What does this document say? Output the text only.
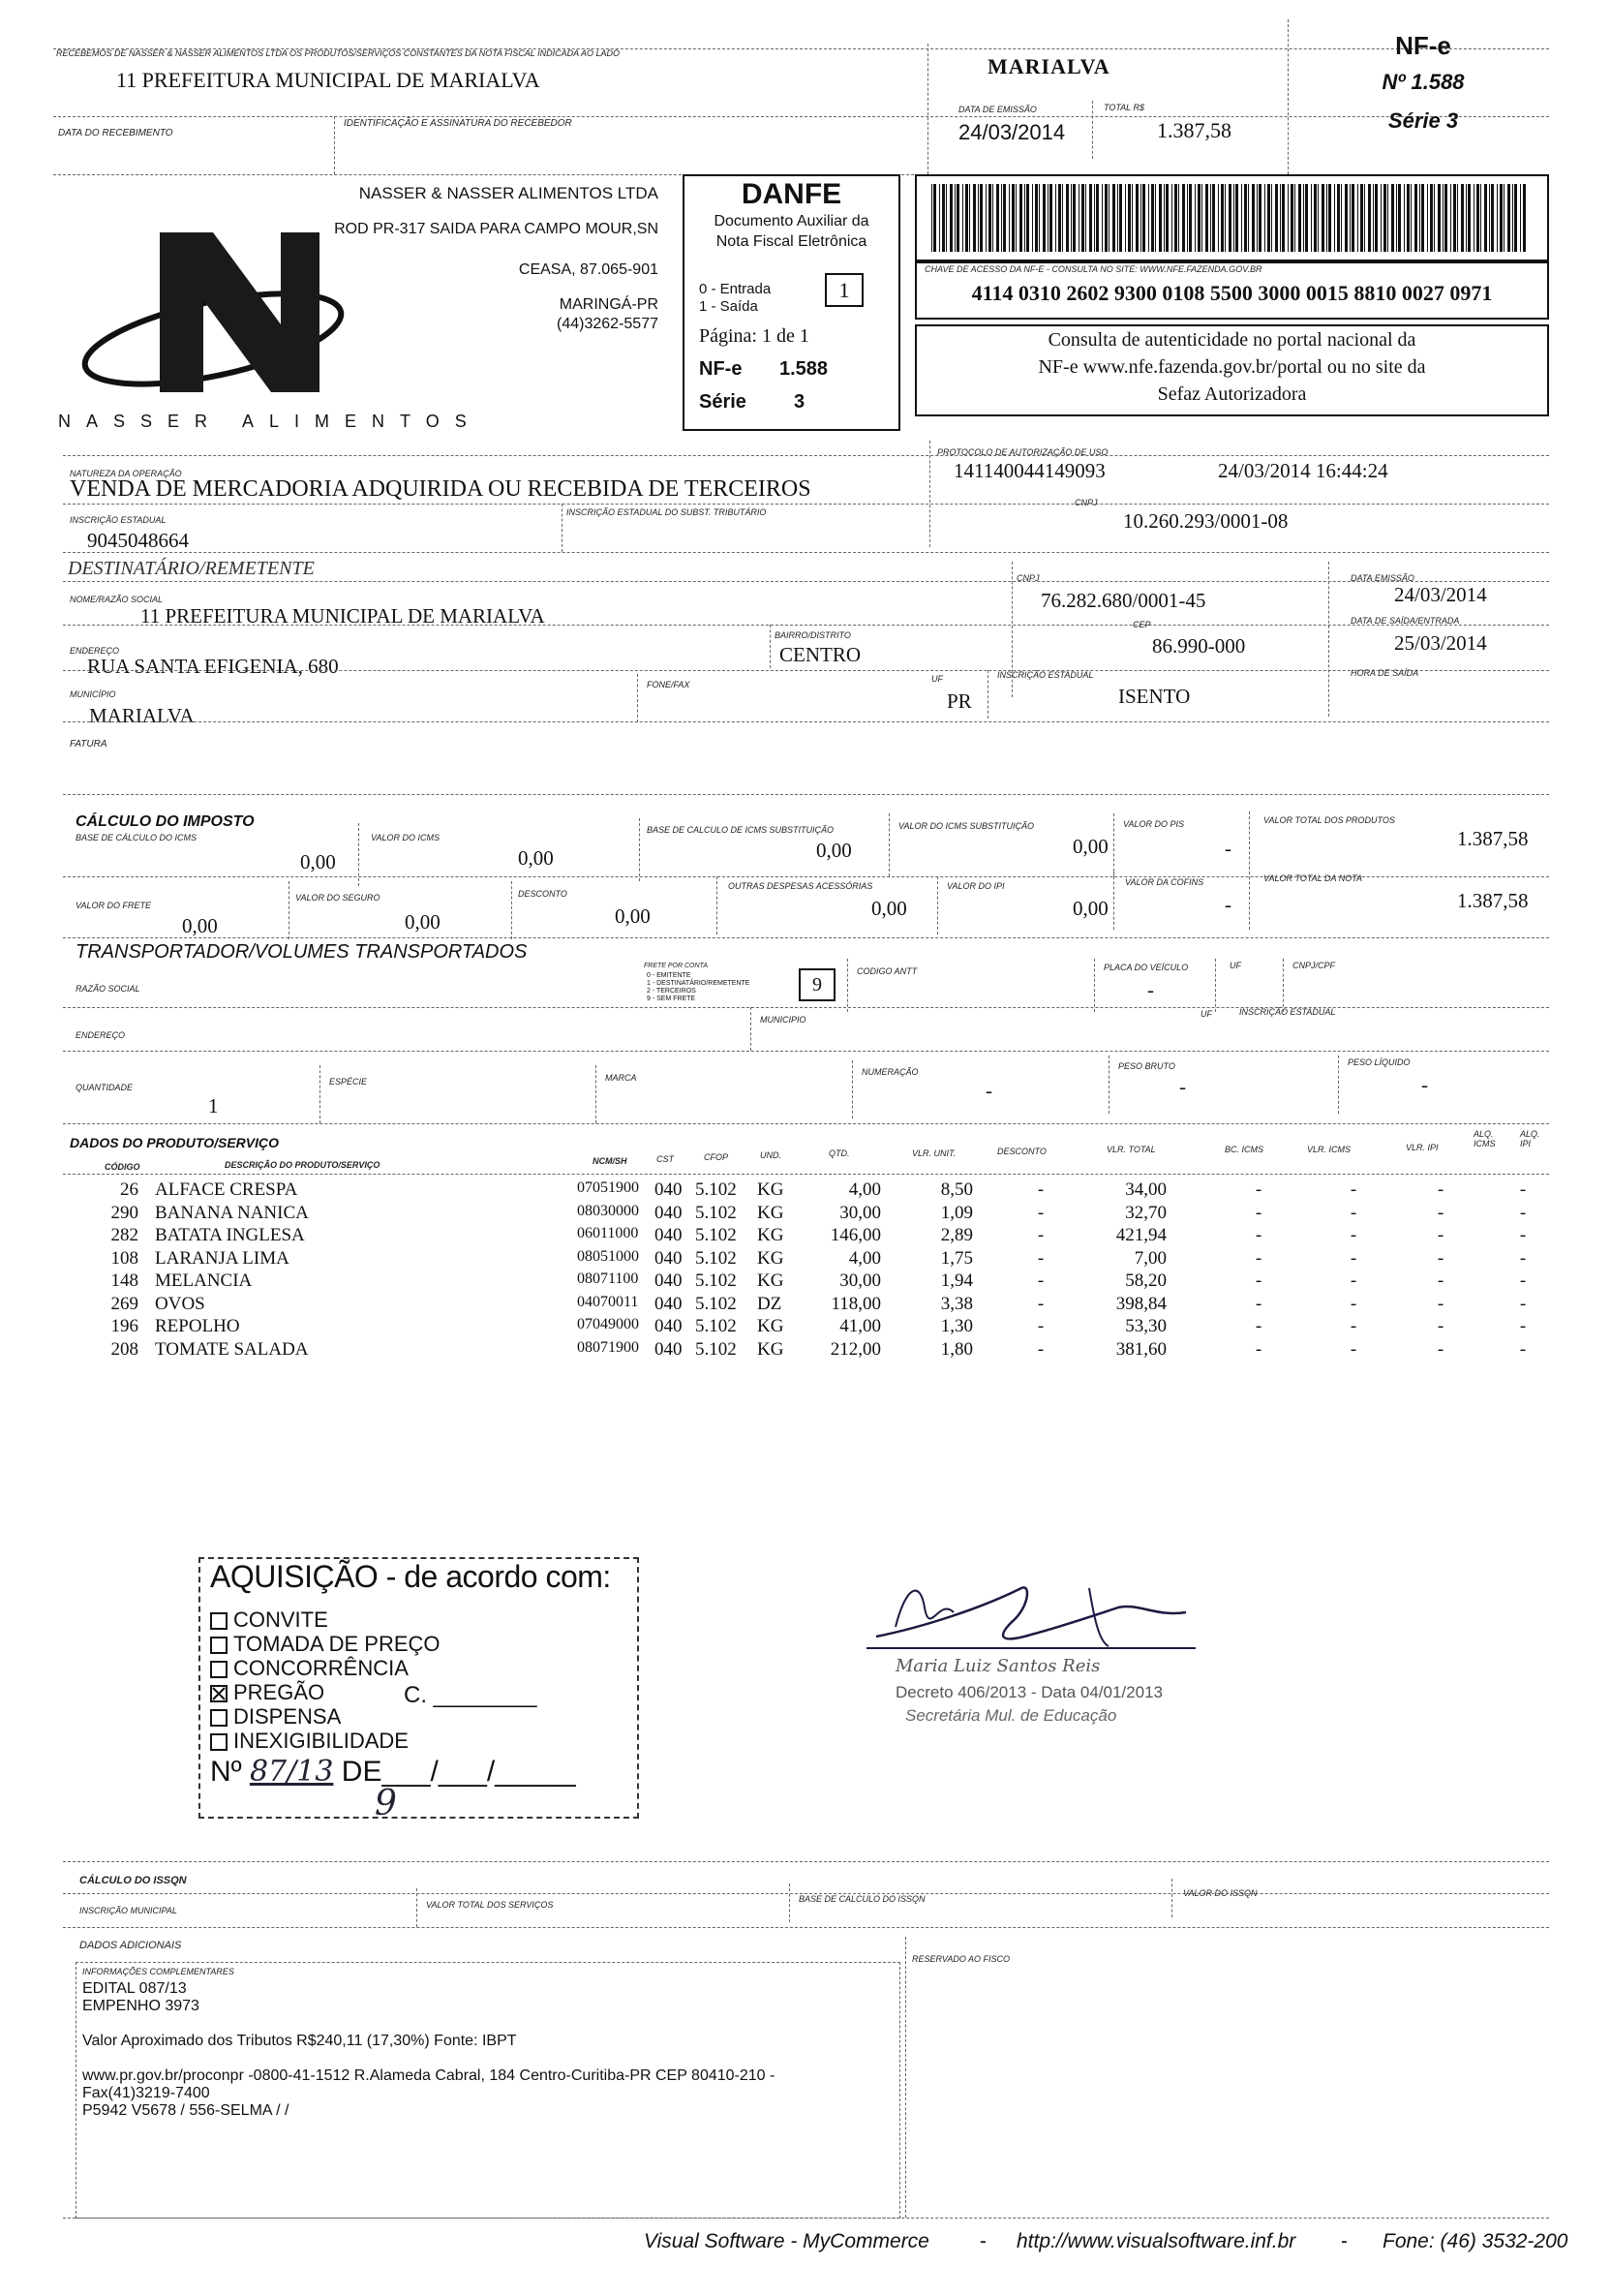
RECEBEMOS DE NASSER & NASSER ALIMENTOS LTDA OS PRODUTOS/SERVIÇOS CONSTANTES DA NOTA FISCAL INDICADA AO LADO
11 PREFEITURA MUNICIPAL DE MARIALVA
DATA DO RECEBIMENTO
IDENTIFICAÇÃO E ASSINATURA DO RECEBEDOR
MARIALVA
DATA DE EMISSÃO
24/03/2014
TOTAL R$
1.387,58
NF-e
Nº 1.588
Série 3
NASSER ALIMENTOS
NASSER & NASSER ALIMENTOS LTDA
ROD PR-317 SAIDA PARA CAMPO MOUR,SN
CEASA, 87.065-901
MARINGÁ-PR
(44)3262-5577
DANFE
Documento Auxiliar da
Nota Fiscal Eletrônica
0 - Entrada
1 - Saída
1
Página: 1 de 1
NF-e 1.588
Série 3
CHAVE DE ACESSO DA NF-E - CONSULTA NO SITE: WWW.NFE.FAZENDA.GOV.BR
4114 0310 2602 9300 0108 5500 3000 0015 8810 0027 0971
Consulta de autenticidade no portal nacional da
NF-e www.nfe.fazenda.gov.br/portal ou no site da
Sefaz Autorizadora
NATUREZA DA OPERAÇÃO
VENDA DE MERCADORIA ADQUIRIDA OU RECEBIDA DE TERCEIROS
PROTOCOLO DE AUTORIZAÇÃO DE USO
141140044149093	24/03/2014 16:44:24
INSCRIÇÃO ESTADUAL
9045048664
INSCRIÇÃO ESTADUAL DO SUBST. TRIBUTÁRIO
CNPJ
10.260.293/0001-08
DESTINATÁRIO/REMETENTE
NOME/RAZÃO SOCIAL
11 PREFEITURA MUNICIPAL DE MARIALVA
CNPJ
76.282.680/0001-45
DATA EMISSÃO
24/03/2014
ENDEREÇO
RUA SANTA EFIGENIA, 680
BAIRRO/DISTRITO
CENTRO
CEP
86.990-000
DATA DE SAÍDA/ENTRADA
25/03/2014
HORA DE SAÍDA
MUNICÍPIO
MARIALVA
FONE/FAX
UF
PR
INSCRIÇÃO ESTADUAL
ISENTO
FATURA
CÁLCULO DO IMPOSTO
BASE DE CÁLCULO DO ICMS
0,00
VALOR DO ICMS
0,00
BASE DE CALCULO DE ICMS SUBSTITUIÇÃO
0,00
VALOR DO ICMS SUBSTITUIÇÃO
0,00
VALOR DO PIS
-
VALOR TOTAL DOS PRODUTOS
1.387,58
VALOR DO FRETE
0,00
VALOR DO SEGURO
0,00
DESCONTO
0,00
OUTRAS DESPESAS ACESSÓRIAS
0,00
VALOR DO IPI
0,00
VALOR DA COFINS
-
VALOR TOTAL DA NOTA
1.387,58
TRANSPORTADOR/VOLUMES TRANSPORTADOS
RAZÃO SOCIAL
FRETE POR CONTA
0 - EMITENTE
1 - DESTINATÁRIO/REMETENTE
2 - TERCEIROS
9 - SEM FRETE
9
CODIGO ANTT	PLACA DO VEÍCULO
-
UF	CNPJ/CPF
ENDEREÇO
MUNICIPIO
UF	INSCRIÇÃO ESTADUAL
QUANTIDADE
1
ESPÉCIE	MARCA
NUMERAÇÃO
-
PESO BRUTO
-
PESO LÍQUIDO
-
DADOS DO PRODUTO/SERVIÇO
CÓDIGO	DESCRIÇÃO DO PRODUTO/SERVIÇO	NCM/SH	CST	CFOP	UND.	QTD.	VLR. UNIT.	DESCONTO	VLR. TOTAL	BC. ICMS	VLR. ICMS	VLR. IPI
ALQ. ICMS
ALQ. IPI
26 ALFACE CRESPA	07051900 040 5.102	KG	4,00	8,50	-	34,00	-	-	-	-
290 BANANA NANICA	08030000 040 5.102	KG	30,00	1,09	-	32,70	-	-	-	-
282 BATATA INGLESA	06011000 040 5.102	KG	146,00	2,89	-	421,94	-	-	-	-
108 LARANJA LIMA	08051000 040 5.102	KG	4,00	1,75	-	7,00	-	-	-	-
148 MELANCIA	08071100 040 5.102	KG	30,00	1,94	-	58,20	-	-	-	-
269 OVOS	04070011 040 5.102	DZ	118,00	3,38	-	398,84	-	-	-	-
196 REPOLHO	07049000 040 5.102	KG	41,00	1,30	-	53,30	-	-	-	-
208 TOMATE SALADA	08071900 040 5.102	KG	212,00	1,80	-	381,60	-	-	-	-
AQUISIÇÃO - de acordo com:
CONVITE
TOMADA DE PREÇO
CONCORRÊNCIA
PREGÃO
DISPENSA
INEXIGIBILIDADE
C. ________
Nº 87/13 DE___/___/_____
9
Maria Luiz Santos Reis
Decreto 406/2013 - Data 04/01/2013
Secretária Mul. de Educação
CÁLCULO DO ISSQN
INSCRIÇÃO MUNICIPAL
VALOR TOTAL DOS SERVIÇOS
BASE DE CALCULO DO ISSQN
VALOR DO ISSQN
DADOS ADICIONAIS
INFORMAÇÕES COMPLEMENTARES
EDITAL 087/13
EMPENHO 3973
Valor Aproximado dos Tributos R$240,11 (17,30%) Fonte: IBPT
www.pr.gov.br/proconpr -0800-41-1512 R.Alameda Cabral, 184 Centro-Curitiba-PR CEP 80410-210 -
Fax(41)3219-7400
P5942 V5678 / 556-SELMA / /
RESERVADO AO FISCO
Visual Software - MyCommerce - http://www.visualsoftware.inf.br - Fone: (46) 3532-200
